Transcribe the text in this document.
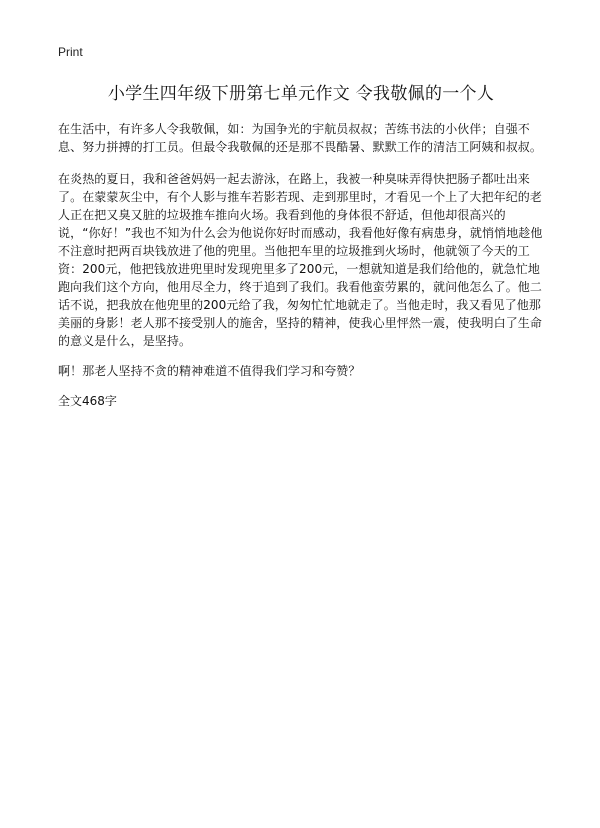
Print
小学生四年级下册第七单元作文 令我敬佩的一个人

在生活中，有许多人令我敬佩，如：为国争光的宇航员叔叔；苦练书法的小伙伴；自强不息、努力拼搏的打工员。但最令我敬佩的还是那不畏酷暑、默默工作的清洁工阿姨和叔叔。

在炎热的夏日，我和爸爸妈妈一起去游泳，在路上，我被一种臭味弄得快把肠子都吐出来了。在蒙蒙灰尘中，有个人影与推车若影若现、走到那里时，才看见一个上了大把年纪的老人正在把又臭又脏的垃圾推车推向火场。我看到他的身体很不舒适，但他却很高兴的说，“你好！”我也不知为什么会为他说你好时而感动，我看他好像有病患身，就悄悄地趁他不注意时把两百块钱放进了他的兜里。当他把车里的垃圾推到火场时，他就领了今天的工资：200元，他把钱放进兜里时发现兜里多了200元，一想就知道是我们给他的，就急忙地跑向我们这个方向，他用尽全力，终于追到了我们。我看他蛮劳累的，就问他怎么了。他二话不说，把我放在他兜里的200元给了我，匆匆忙忙地就走了。当他走时，我又看见了他那美丽的身影！老人那不接受别人的施舍，坚持的精神，使我心里怦然一震，使我明白了生命的意义是什么，是坚持。

啊！那老人坚持不贪的精神难道不值得我们学习和夸赞？

全文468字
